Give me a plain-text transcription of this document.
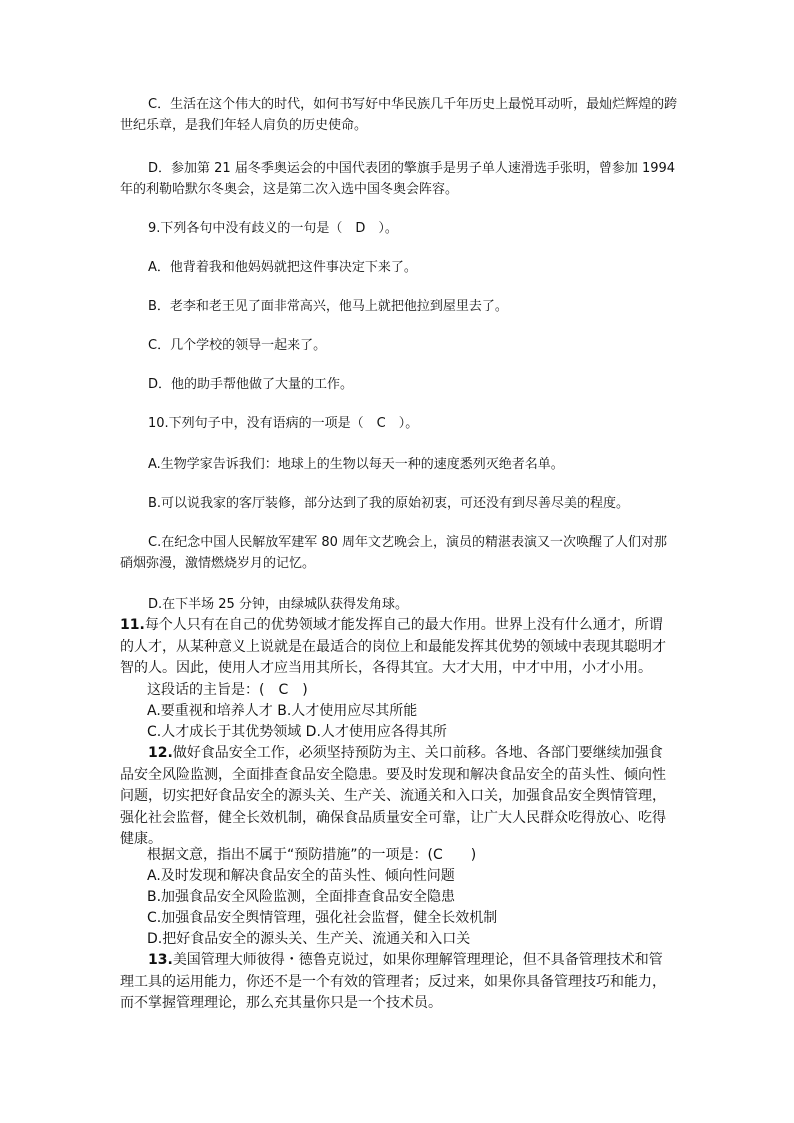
C．生活在这个伟大的时代，如何书写好中华民族几千年历史上最悦耳动听，最灿烂辉煌的跨世纪乐章，是我们年轻人肩负的历史使命。

D．参加第 21 届冬季奥运会的中国代表团的擎旗手是男子单人速滑选手张明，曾参加 1994 年的利勒哈默尔冬奥会，这是第二次入选中国冬奥会阵容。

9.下列各句中没有歧义的一句是（　D　）。

A．他背着我和他妈妈就把这件事决定下来了。

B．老李和老王见了面非常高兴，他马上就把他拉到屋里去了。

C．几个学校的领导一起来了。

D．他的助手帮他做了大量的工作。

10.下列句子中，没有语病的一项是（　C　）。

A.生物学家告诉我们：地球上的生物以每天一种的速度悉列灭绝者名单。

B.可以说我家的客厅装修，部分达到了我的原始初衷，可还没有到尽善尽美的程度。

C.在纪念中国人民解放军建军 80 周年文艺晚会上，演员的精湛表演又一次唤醒了人们对那硝烟弥漫，激情燃烧岁月的记忆。

D.在下半场 25 分钟，由绿城队获得发角球。

11.每个人只有在自己的优势领域才能发挥自己的最大作用。世界上没有什么通才，所谓的人才，从某种意义上说就是在最适合的岗位上和最能发挥其优势的领域中表现其聪明才智的人。因此，使用人才应当用其所长，各得其宜。大才大用，中才中用，小才小用。

这段话的主旨是：(　C　)

A.要重视和培养人才 B.人才使用应尽其所能

C.人才成长于其优势领域 D.人才使用应各得其所

12.做好食品安全工作，必须坚持预防为主、关口前移。各地、各部门要继续加强食品安全风险监测，全面排查食品安全隐患。要及时发现和解决食品安全的苗头性、倾向性问题，切实把好食品安全的源头关、生产关、流通关和入口关，加强食品安全舆情管理，强化社会监督，健全长效机制，确保食品质量安全可靠，让广大人民群众吃得放心、吃得健康。

根据文意，指出不属于“预防措施”的一项是：(C　　)

A.及时发现和解决食品安全的苗头性、倾向性问题

B.加强食品安全风险监测，全面排查食品安全隐患

C.加强食品安全舆情管理，强化社会监督，健全长效机制

D.把好食品安全的源头关、生产关、流通关和入口关

13.美国管理大师彼得・德鲁克说过，如果你理解管理理论，但不具备管理技术和管理工具的运用能力，你还不是一个有效的管理者；反过来，如果你具备管理技巧和能力，而不掌握管理理论，那么充其量你只是一个技术员。
